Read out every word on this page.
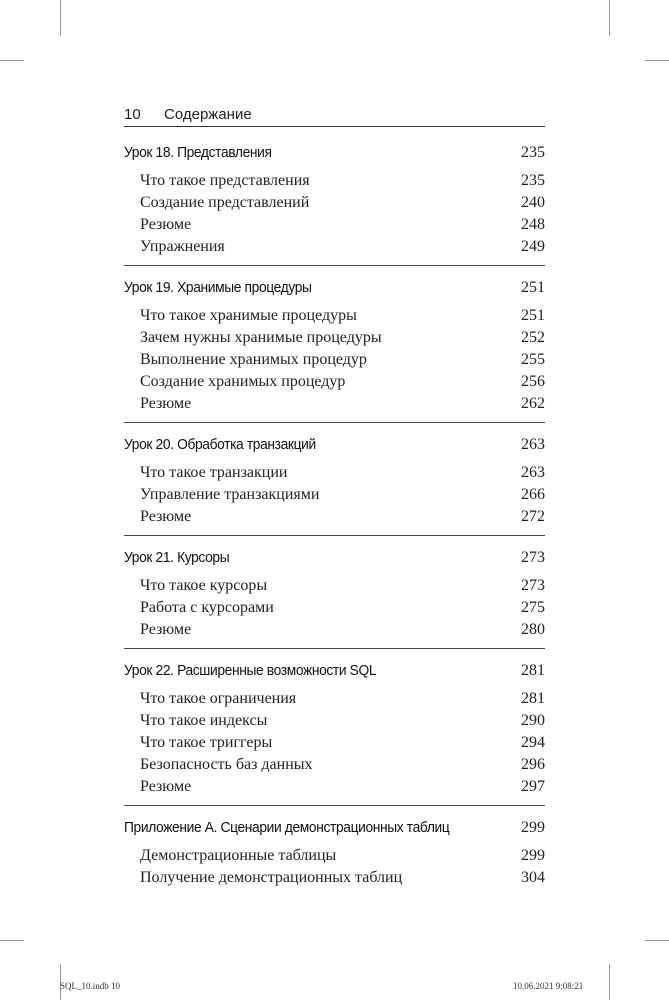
10 Содержание
Урок 18. Представления	235
Что такое представления	235
Создание представлений	240
Резюме	248
Упражнения	249
Урок 19. Хранимые процедуры	251
Что такое хранимые процедуры	251
Зачем нужны хранимые процедуры	252
Выполнение хранимых процедур	255
Создание хранимых процедур	256
Резюме	262
Урок 20. Обработка транзакций	263
Что такое транзакции	263
Управление транзакциями	266
Резюме	272
Урок 21. Курсоры	273
Что такое курсоры	273
Работа с курсорами	275
Резюме	280
Урок 22. Расширенные возможности SQL	281
Что такое ограничения	281
Что такое индексы	290
Что такое триггеры	294
Безопасность баз данных	296
Резюме	297
Приложение А. Сценарии демонстрационных таблиц	299
Демонстрационные таблицы	299
Получение демонстрационных таблиц	304
SQL_10.indb 10	10.06.2021 9:08:21
